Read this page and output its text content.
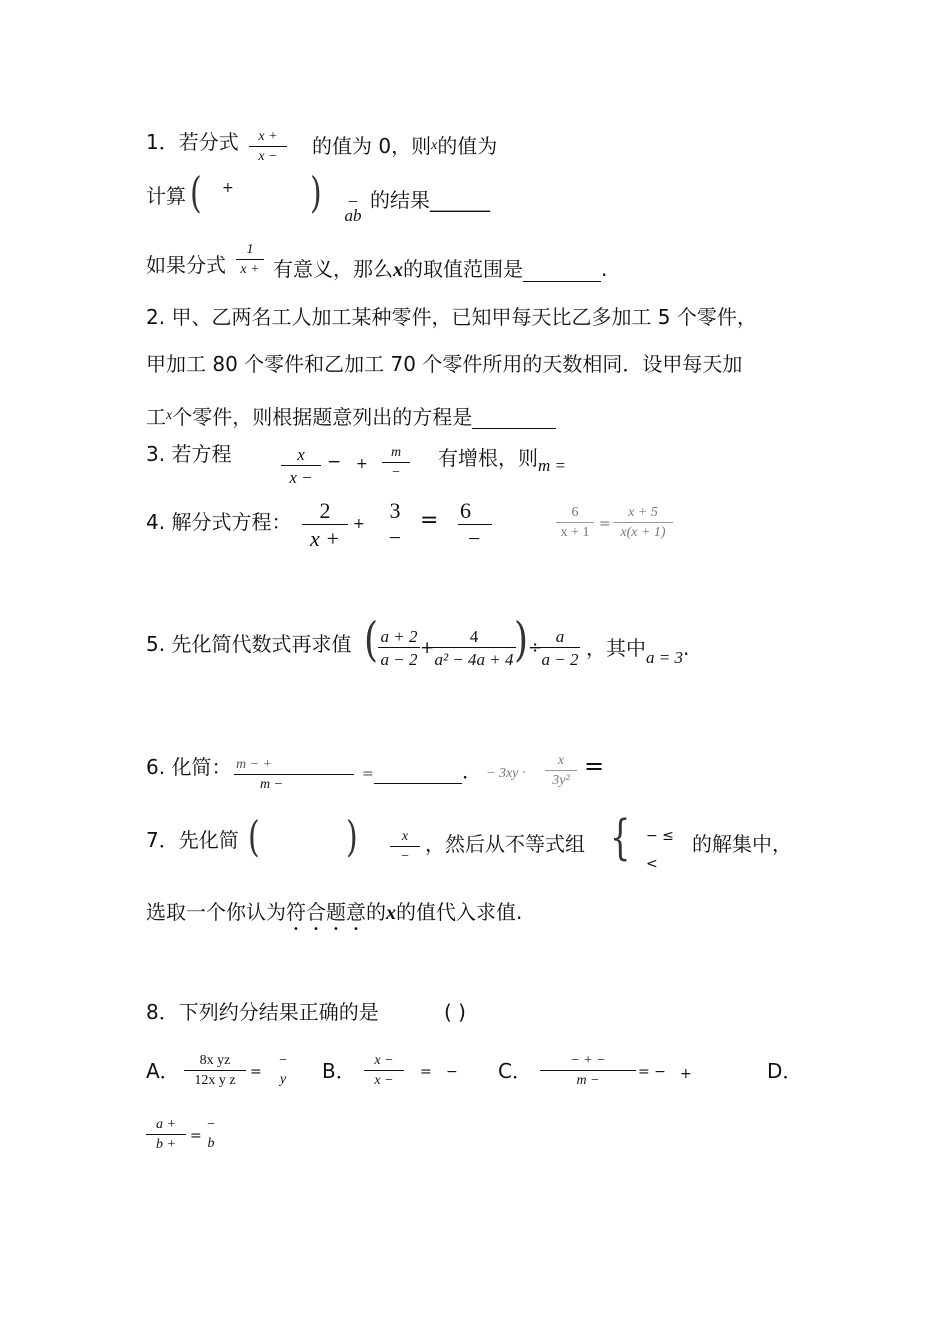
1．若分式 $\frac{x +}{x -}$ 的值为 0，则$^x$的值为
计算 ( +	)	_
ab
的结果______
如果分式 $\frac{1}{x +}$ 有意义，那么x的取值范围是	.
2. 甲、乙两名工人加工某种零件，已知甲每天比乙多加工 5 个零件，
甲加工 80 个零件和乙加工 70 个零件所用的天数相同．设甲每天加
工$^x$个零件，则根据题意列出的方程是
3. 若方程	$\frac{x}{x -}$ − +
m
−
有增根，则$_{m =}$
4. 解分式方程： $\frac{2}{x +}$ +
3
−
= 6
−	$\frac{6}{x + 1} = \frac{x + 5}{x(x + 1)}$
5. 先化简代数式再求值 ( $\frac{a + 2}{a - 2}$ +
$\frac{4}{\text{a² − 4a + 4}}$
) ÷
$\frac{a}{a - 2}$ ，其中$_{a = 3}$.
6. 化简： $\frac{m - +}{m -}$ =	． − $3xy \cdot \frac{x}{\text{3y²}}$ =
7．先化简 (	)	x
−
，然后从不等式组 { − ≤
<
的解集中，
选取一个你认为符合题意的x的值代入求值.
8．下列约分结果正确的是	( )
A． $\frac{\text{8x yz}}{\text{12x y z}}$ =
−
y	B． $\frac{x -}{x -}$ = − C．	− + −
m −
= − +	D．
$\frac{a +}{b +}$ =
−
b
